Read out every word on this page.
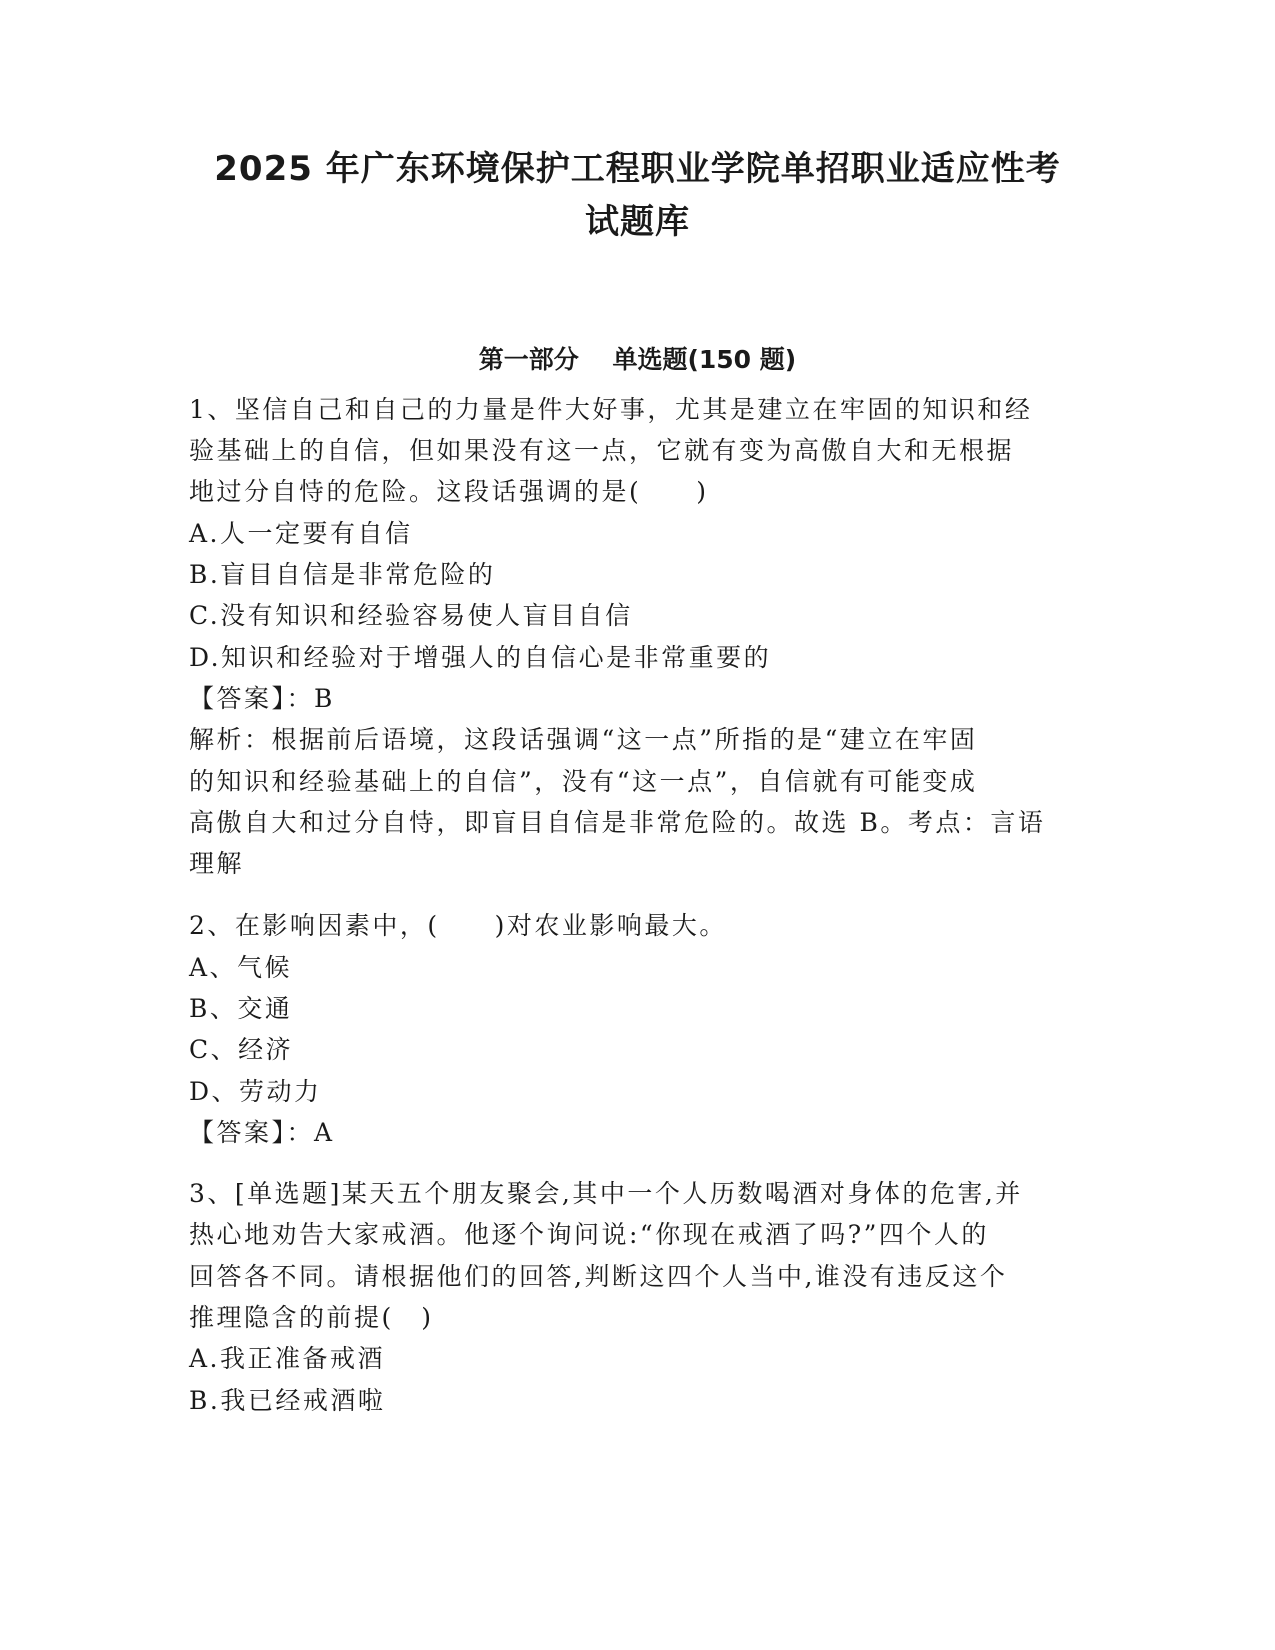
2025 年广东环境保护工程职业学院单招职业适应性考
试题库
第一部分　 单选题(150 题)
1、坚信自己和自己的力量是件大好事，尤其是建立在牢固的知识和经
验基础上的自信，但如果没有这一点，它就有变为高傲自大和无根据
地过分自恃的危险。这段话强调的是(　　)
A.人一定要有自信
B.盲目自信是非常危险的
C.没有知识和经验容易使人盲目自信
D.知识和经验对于增强人的自信心是非常重要的
【答案】：B
解析：根据前后语境，这段话强调“这一点”所指的是“建立在牢固
的知识和经验基础上的自信”，没有“这一点”，自信就有可能变成
高傲自大和过分自恃，即盲目自信是非常危险的。故选 B。考点：言语
理解
2、在影响因素中，(　　)对农业影响最大。
A、气候
B、交通
C、经济
D、劳动力
【答案】：A
3、[单选题]某天五个朋友聚会,其中一个人历数喝酒对身体的危害,并
热心地劝告大家戒酒。他逐个询问说:“你现在戒酒了吗?”四个人的
回答各不同。请根据他们的回答,判断这四个人当中,谁没有违反这个
推理隐含的前提(　)
A.我正准备戒酒
B.我已经戒酒啦
